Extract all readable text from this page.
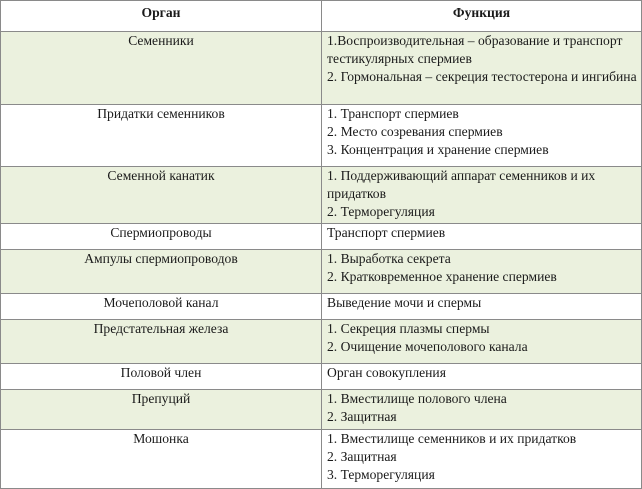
Орган	Функция
Семенники	1.Воспроизводительная – образование и транспорт тестикулярных спермиев
2. Гормональная – секреция тестостерона и ингибина

Придатки семенников	1. Транспорт спермиев
2. Место созревания спермиев
3. Концентрация и хранение спермиев

Семенной канатик	1. Поддерживающий аппарат семенников и их придатков
2. Терморегуляция

Спермиопроводы	Транспорт спермиев

Ампулы спермиопроводов	1. Выработка секрета
2. Кратковременное хранение спермиев

Мочеполовой канал	Выведение мочи и спермы

Предстательная железа	1. Секреция плазмы спермы
2. Очищение мочеполового канала

Половой член	Орган совокупления

Препуций	1. Вместилище полового члена
2. Защитная

Мошонка	1. Вместилище семенников и их придатков
2. Защитная
3. Терморегуляция
